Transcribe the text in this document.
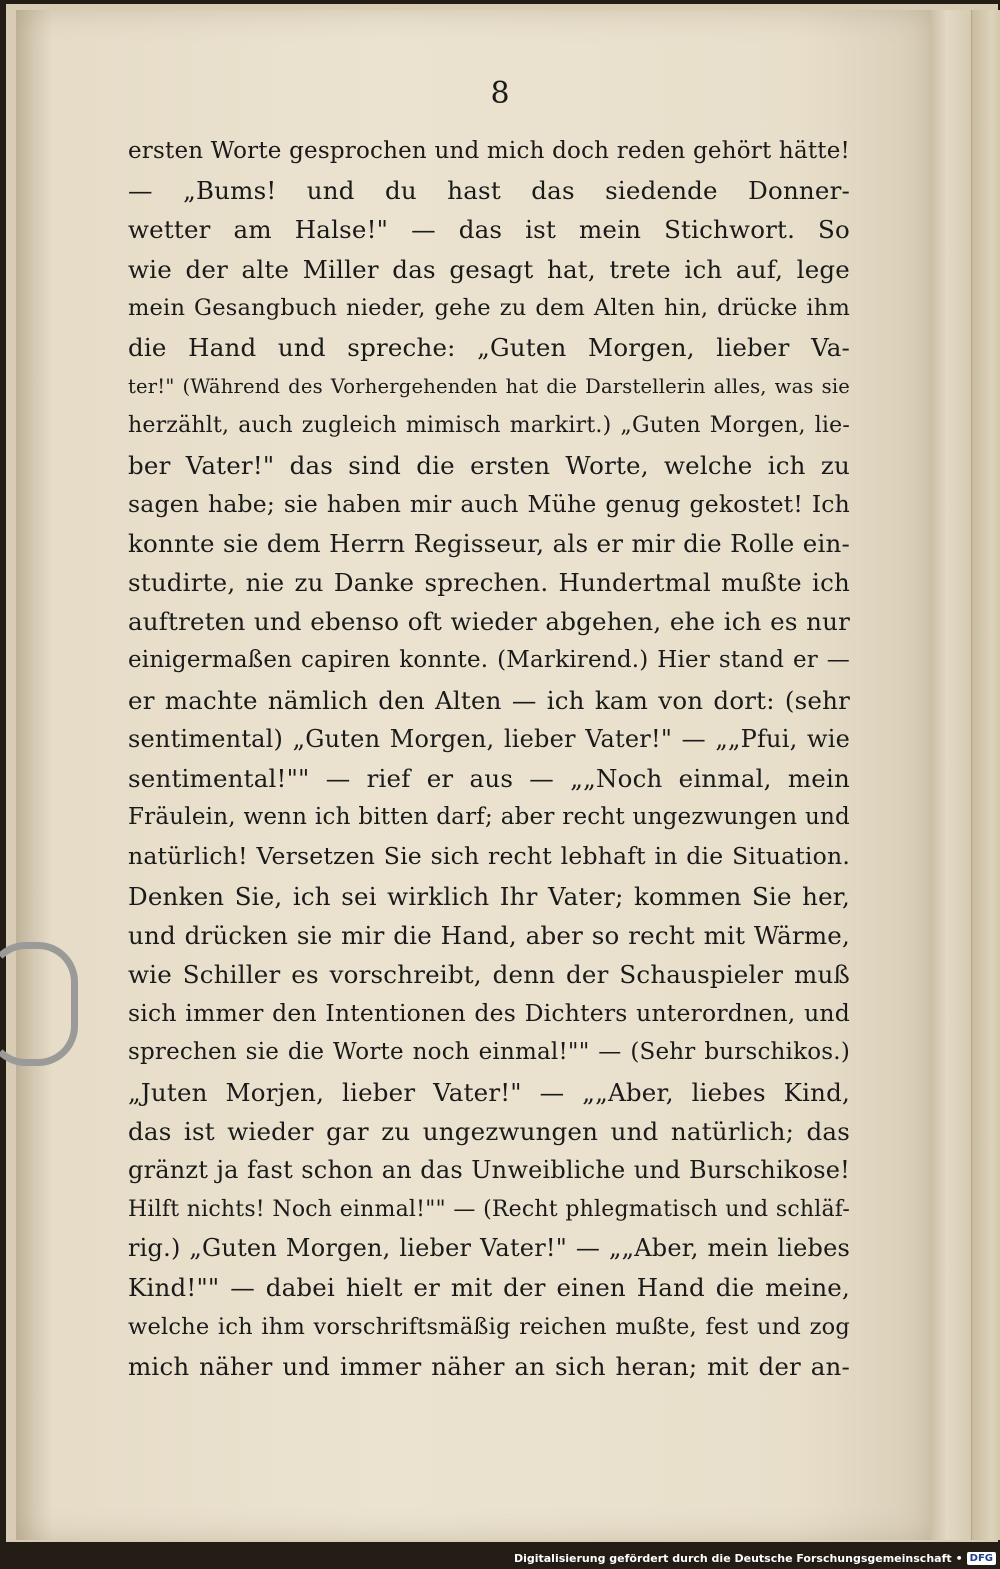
8
ersten Worte gesprochen und mich doch reden gehört hätte!
— „Bums! und du hast das siedende Donner-
wetter am Halse!" — das ist mein Stichwort. So
wie der alte Miller das gesagt hat, trete ich auf, lege
mein Gesangbuch nieder, gehe zu dem Alten hin, drücke ihm
die Hand und spreche: „Guten Morgen, lieber Va-
ter!" (Während des Vorhergehenden hat die Darstellerin alles, was sie
herzählt, auch zugleich mimisch markirt.) „Guten Morgen, lie-
ber Vater!" das sind die ersten Worte, welche ich zu
sagen habe; sie haben mir auch Mühe genug gekostet! Ich
konnte sie dem Herrn Regisseur, als er mir die Rolle ein-
studirte, nie zu Danke sprechen. Hundertmal mußte ich
auftreten und ebenso oft wieder abgehen, ehe ich es nur
einigermaßen capiren konnte. (Markirend.) Hier stand er —
er machte nämlich den Alten — ich kam von dort: (sehr
sentimental) „Guten Morgen, lieber Vater!" — „„Pfui, wie
sentimental!"" — rief er aus — „„Noch einmal, mein
Fräulein, wenn ich bitten darf; aber recht ungezwungen und
natürlich! Versetzen Sie sich recht lebhaft in die Situation.
Denken Sie, ich sei wirklich Ihr Vater; kommen Sie her,
und drücken sie mir die Hand, aber so recht mit Wärme,
wie Schiller es vorschreibt, denn der Schauspieler muß
sich immer den Intentionen des Dichters unterordnen, und
sprechen sie die Worte noch einmal!"" — (Sehr burschikos.)
„Juten Morjen, lieber Vater!" — „„Aber, liebes Kind,
das ist wieder gar zu ungezwungen und natürlich; das
gränzt ja fast schon an das Unweibliche und Burschikose!
Hilft nichts! Noch einmal!"" — (Recht phlegmatisch und schläf-
rig.) „Guten Morgen, lieber Vater!" — „„Aber, mein liebes
Kind!"" — dabei hielt er mit der einen Hand die meine,
welche ich ihm vorschriftsmäßig reichen mußte, fest und zog
mich näher und immer näher an sich heran; mit der an-
Digitalisierung gefördert durch die Deutsche Forschungsgemeinschaft • DFG
